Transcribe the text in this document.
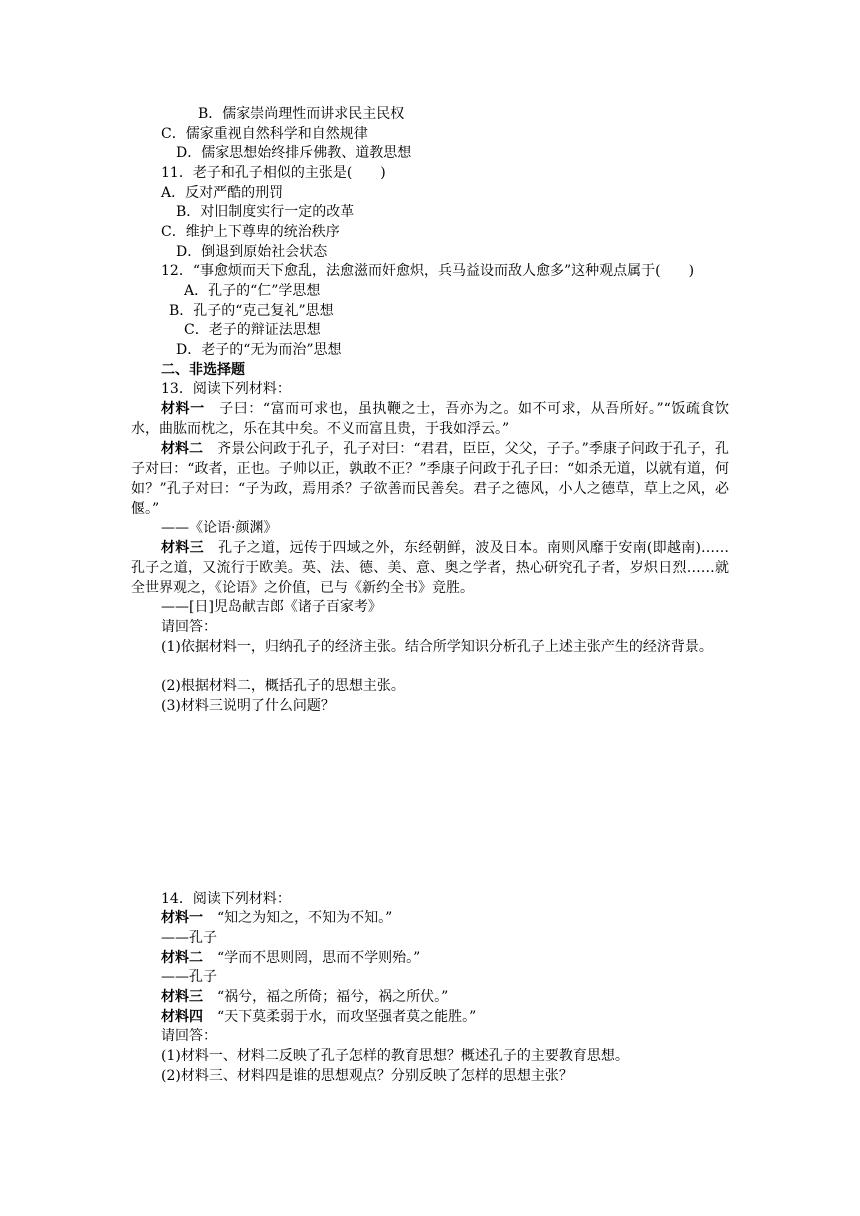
B．儒家崇尚理性而讲求民主民权
C．儒家重视自然科学和自然规律
D．儒家思想始终排斥佛教、道教思想
11．老子和孔子相似的主张是(　　)
A．反对严酷的刑罚
B．对旧制度实行一定的改革
C．维护上下尊卑的统治秩序
D．倒退到原始社会状态
12．“事愈烦而天下愈乱，法愈滋而奸愈炽，兵马益设而敌人愈多”这种观点属于(　　)
A．孔子的“仁”学思想
B．孔子的“克己复礼”思想
C．老子的辩证法思想
D．老子的“无为而治”思想
二、非选择题
13．阅读下列材料：
材料一　子曰：“富而可求也，虽执鞭之士，吾亦为之。如不可求，从吾所好。”“饭疏食饮水，曲肱而枕之，乐在其中矣。不义而富且贵，于我如浮云。”
材料二　齐景公问政于孔子，孔子对曰：“君君，臣臣，父父，子子。”季康子问政于孔子，孔子对曰：“政者，正也。子帅以正，孰敢不正？”季康子问政于孔子曰：“如杀无道，以就有道，何如？”孔子对曰：“子为政，焉用杀？子欲善而民善矣。君子之德风，小人之德草，草上之风，必偃。”
——《论语·颜渊》
材料三　孔子之道，远传于四域之外，东经朝鲜，波及日本。南则风靡于安南(即越南)……孔子之道，又流行于欧美。英、法、德、美、意、奥之学者，热心研究孔子者，岁炽日烈……就全世界观之，《论语》之价值，已与《新约全书》竞胜。
——[日]児岛献吉郎《诸子百家考》
请回答：
(1)依据材料一，归纳孔子的经济主张。结合所学知识分析孔子上述主张产生的经济背景。
(2)根据材料二，概括孔子的思想主张。
(3)材料三说明了什么问题？
14．阅读下列材料：
材料一　“知之为知之，不知为不知。”
——孔子
材料二　“学而不思则罔，思而不学则殆。”
——孔子
材料三　“祸兮，福之所倚；福兮，祸之所伏。”
材料四　“天下莫柔弱于水，而攻坚强者莫之能胜。”
请回答：
(1)材料一、材料二反映了孔子怎样的教育思想？概述孔子的主要教育思想。
(2)材料三、材料四是谁的思想观点？分别反映了怎样的思想主张？
